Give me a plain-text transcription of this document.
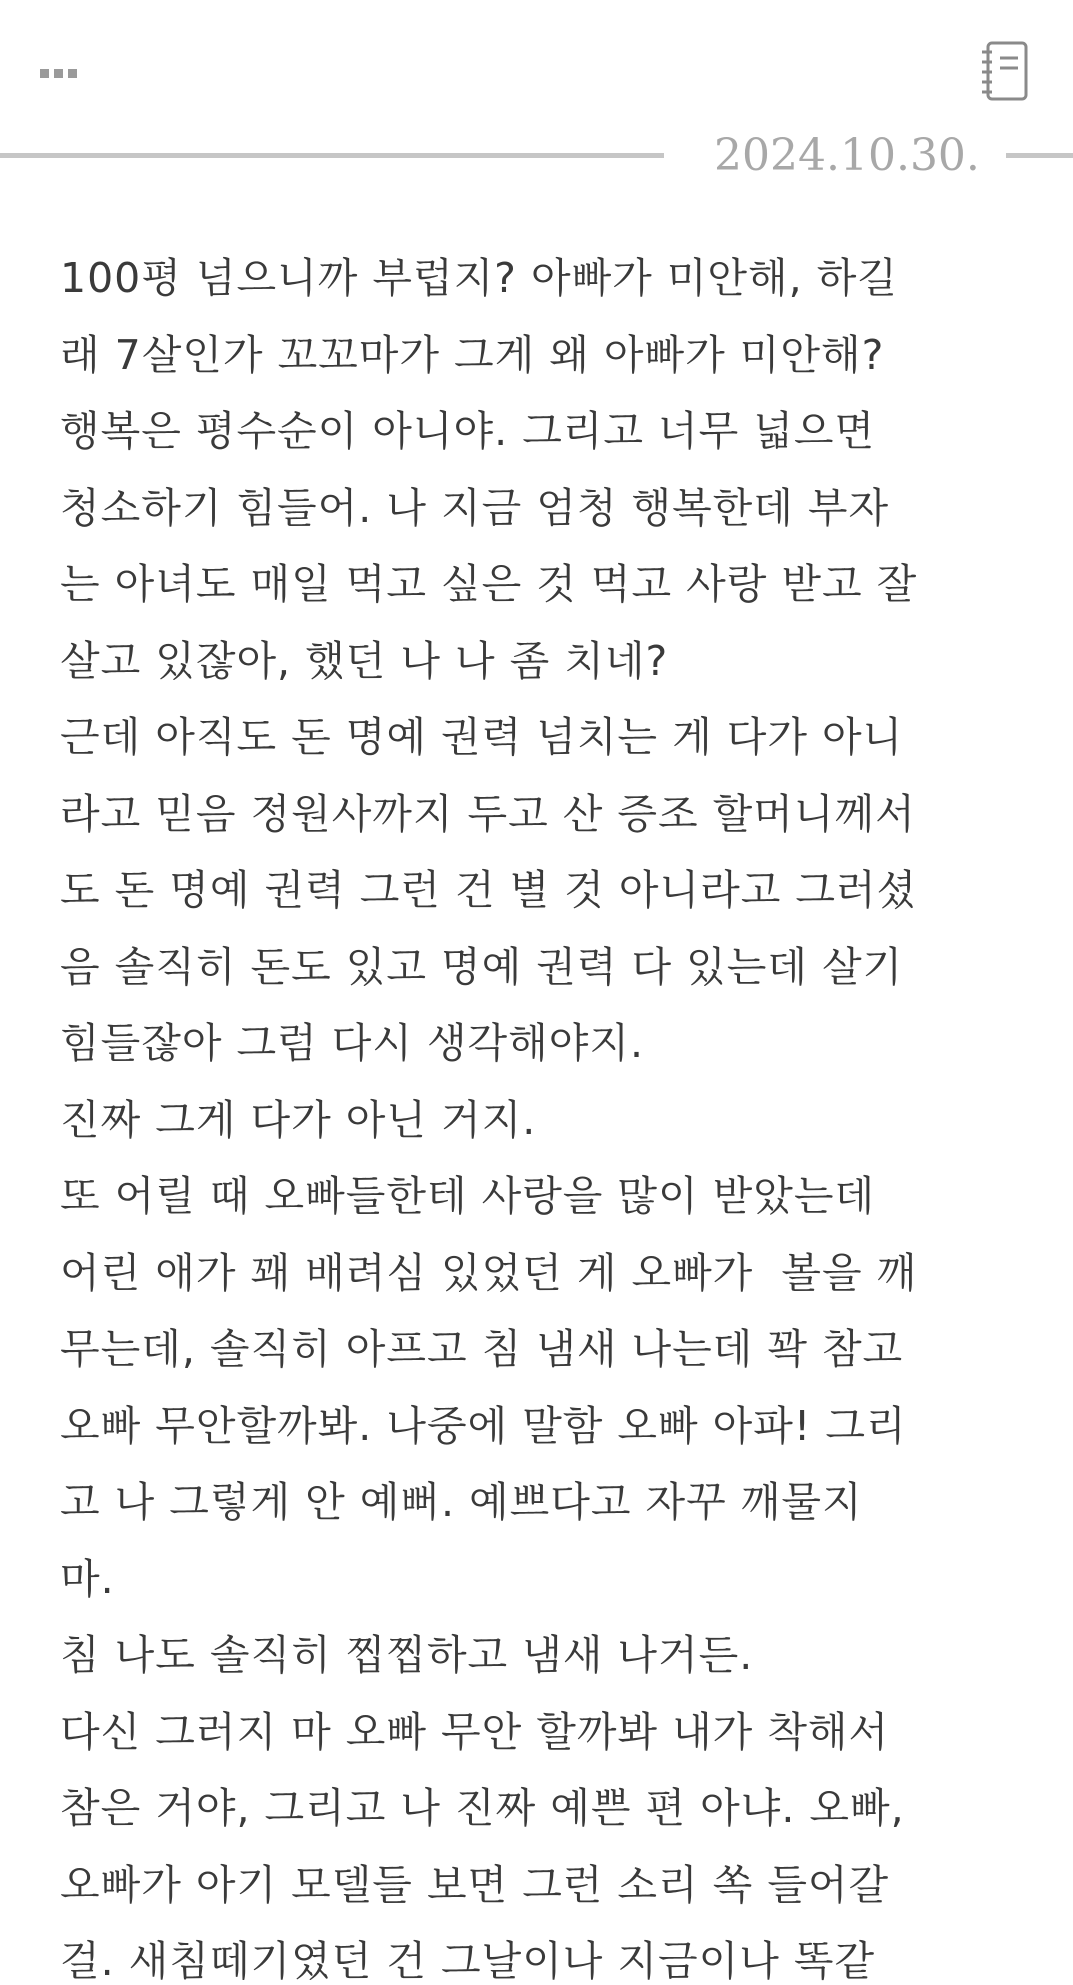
2024.10.30.
100평 넘으니까 부럽지? 아빠가 미안해, 하길
래 7살인가 꼬꼬마가 그게 왜 아빠가 미안해?
행복은 평수순이 아니야. 그리고 너무 넓으면
청소하기 힘들어. 나 지금 엄청 행복한데 부자
는 아녀도 매일 먹고 싶은 것 먹고 사랑 받고 잘
살고 있잖아, 했던 나 나 좀 치네?
근데 아직도 돈 명예 권력 넘치는 게 다가 아니
라고 믿음 정원사까지 두고 산 증조 할머니께서
도 돈 명예 권력 그런 건 별 것 아니라고 그러셨
음 솔직히 돈도 있고 명예 권력 다 있는데 살기
힘들잖아 그럼 다시 생각해야지.
진짜 그게 다가 아닌 거지.
또 어릴 때 오빠들한테 사랑을 많이 받았는데
어린 애가 꽤 배려심 있었던 게 오빠가  볼을 깨
무는데, 솔직히 아프고 침 냄새 나는데 꽉 참고
오빠 무안할까봐. 나중에 말함 오빠 아파! 그리
고 나 그렇게 안 예뻐. 예쁘다고 자꾸 깨물지
마.
침 나도 솔직히 찝찝하고 냄새 나거든.
다신 그러지 마 오빠 무안 할까봐 내가 착해서
참은 거야, 그리고 나 진짜 예쁜 편 아냐. 오빠,
오빠가 아기 모델들 보면 그런 소리 쏙 들어갈
걸. 새침떼기였던 건 그날이나 지금이나 똑같
